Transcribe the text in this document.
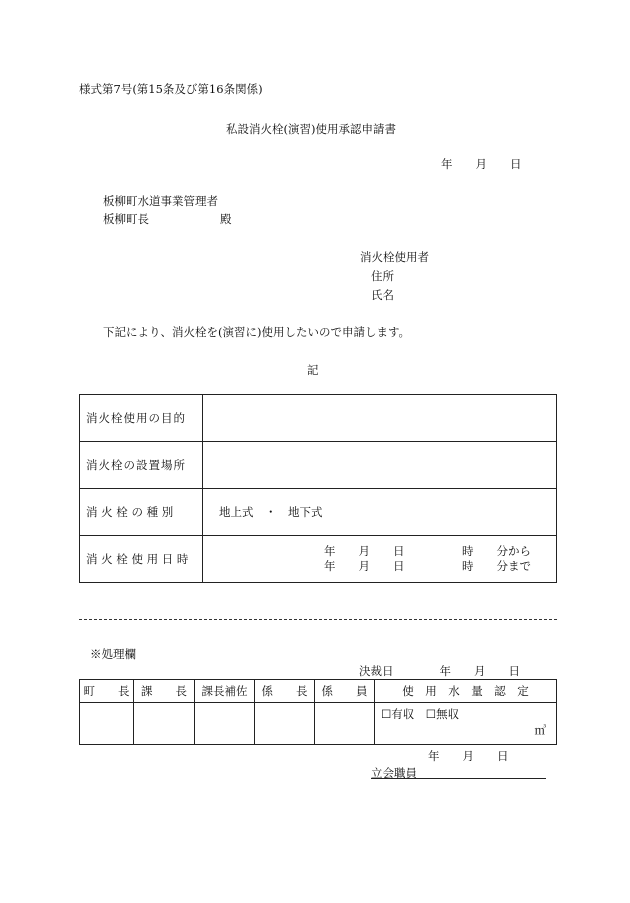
様式第7号(第15条及び第16条関係)
私設消火栓(演習)使用承認申請書
年　　月　　日
板柳町水道事業管理者
板柳町長	殿
消火栓使用者
住所
氏名
下記により、消火栓を(演習に)使用したいので申請します。
記
消火栓使用の目的	
消火栓の設置場所	
消 火 栓 の 種 別	地上式　・　地下式
消 火 栓 使 用 日 時	年　　月　　日　　　　　時　　分から
年　　月　　日　　　　　時　　分まで
※処理欄
決裁日　　　　年　　月　　日
町　　長	課　　長	課長補佐	係　　長	係　　員	使　用　水　量　認　定

					☐有収　☐無収
㎥
年　　月　　日
立会職員
